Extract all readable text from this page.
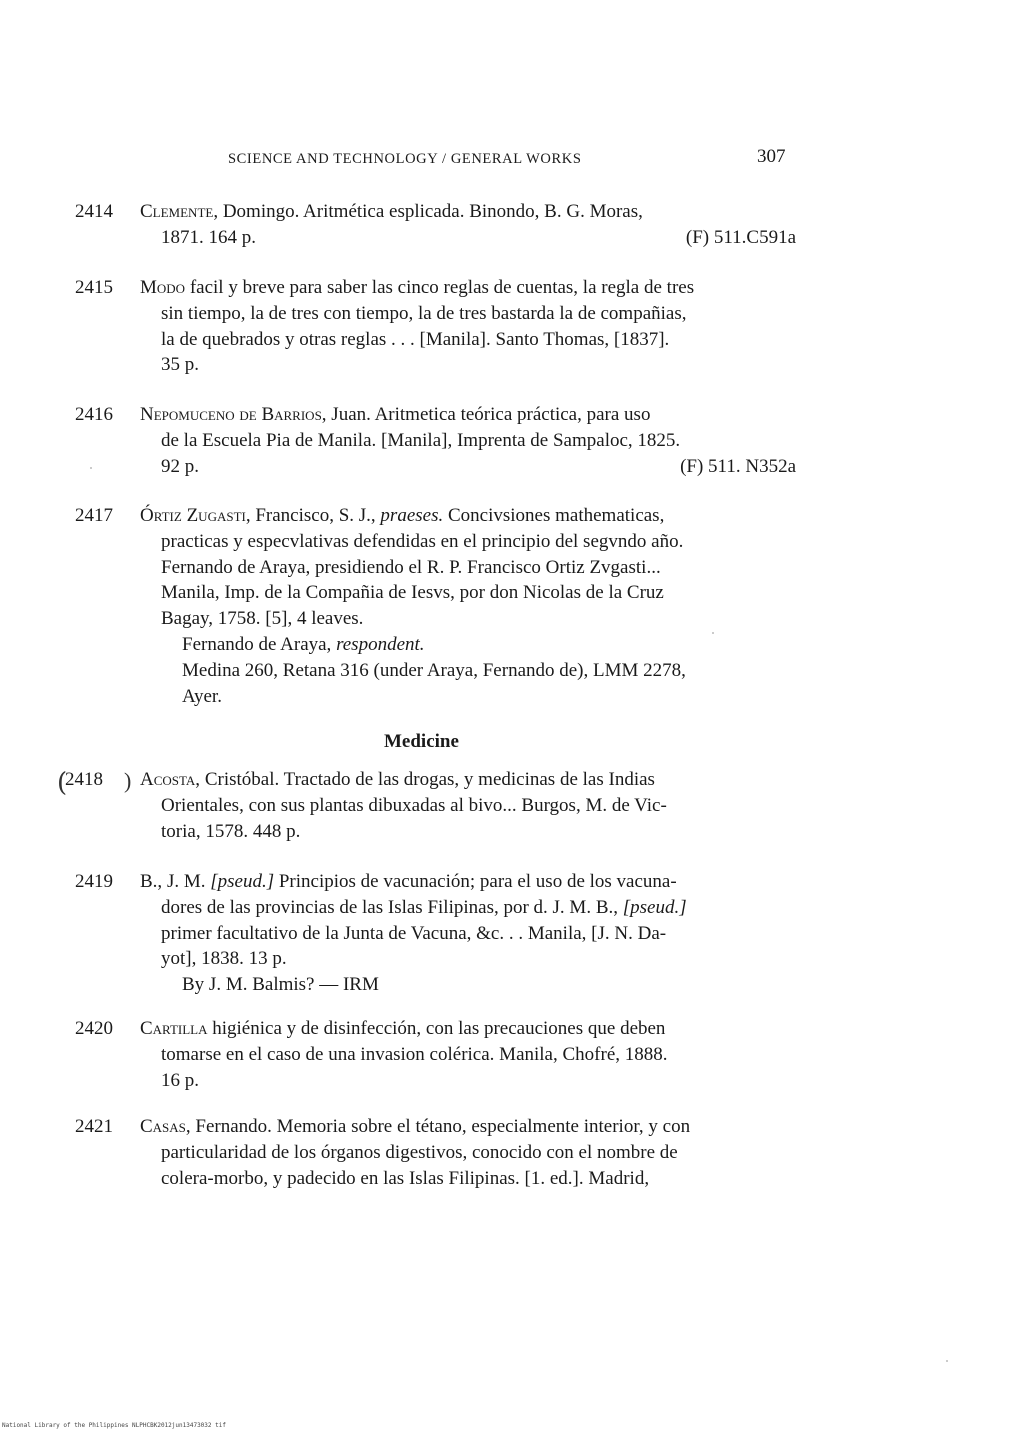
SCIENCE AND TECHNOLOGY / GENERAL WORKS	307
2414 Clemente, Domingo. Aritmética esplicada. Binondo, B. G. Moras,
1871. 164 p.	(F) 511.C591a
2415 Modo facil y breve para saber las cinco reglas de cuentas, la regla de tres
sin tiempo, la de tres con tiempo, la de tres bastarda la de compañias,
la de quebrados y otras reglas . . . [Manila]. Santo Thomas, [1837].
35 p.
2416 Nepomuceno de Barrios, Juan. Aritmetica teórica práctica, para uso
de la Escuela Pia de Manila. [Manila], Imprenta de Sampaloc, 1825.
92 p.	(F) 511. N352a
2417 Órtiz Zugasti, Francisco, S. J., praeses. Concivsiones mathematicas,
practicas y especvlativas defendidas en el principio del segvndo año.
Fernando de Araya, presidiendo el R. P. Francisco Ortiz Zvgasti...
Manila, Imp. de la Compañia de Iesvs, por don Nicolas de la Cruz
Bagay, 1758. [5], 4 leaves.
Fernando de Araya, respondent.
Medina 260, Retana 316 (under Araya, Fernando de), LMM 2278,
Ayer.
Medicine
(	)
2418 Acosta, Cristóbal. Tractado de las drogas, y medicinas de las Indias
Orientales, con sus plantas dibuxadas al bivo... Burgos, M. de Vic-
toria, 1578. 448 p.
2419 B., J. M. [pseud.] Principios de vacunación; para el uso de los vacuna-
dores de las provincias de las Islas Filipinas, por d. J. M. B., [pseud.]
primer facultativo de la Junta de Vacuna, &c. . . Manila, [J. N. Da-
yot], 1838. 13 p.
By J. M. Balmis? — IRM
2420 Cartilla higiénica y de disinfección, con las precauciones que deben
tomarse en el caso de una invasion colérica. Manila, Chofré, 1888.
16 p.
2421 Casas, Fernando. Memoria sobre el tétano, especialmente interior, y con
particularidad de los órganos digestivos, conocido con el nombre de
colera-morbo, y padecido en las Islas Filipinas. [1. ed.]. Madrid,
National Library of the Philippines NLPHCBK2012jun13473032 tif
